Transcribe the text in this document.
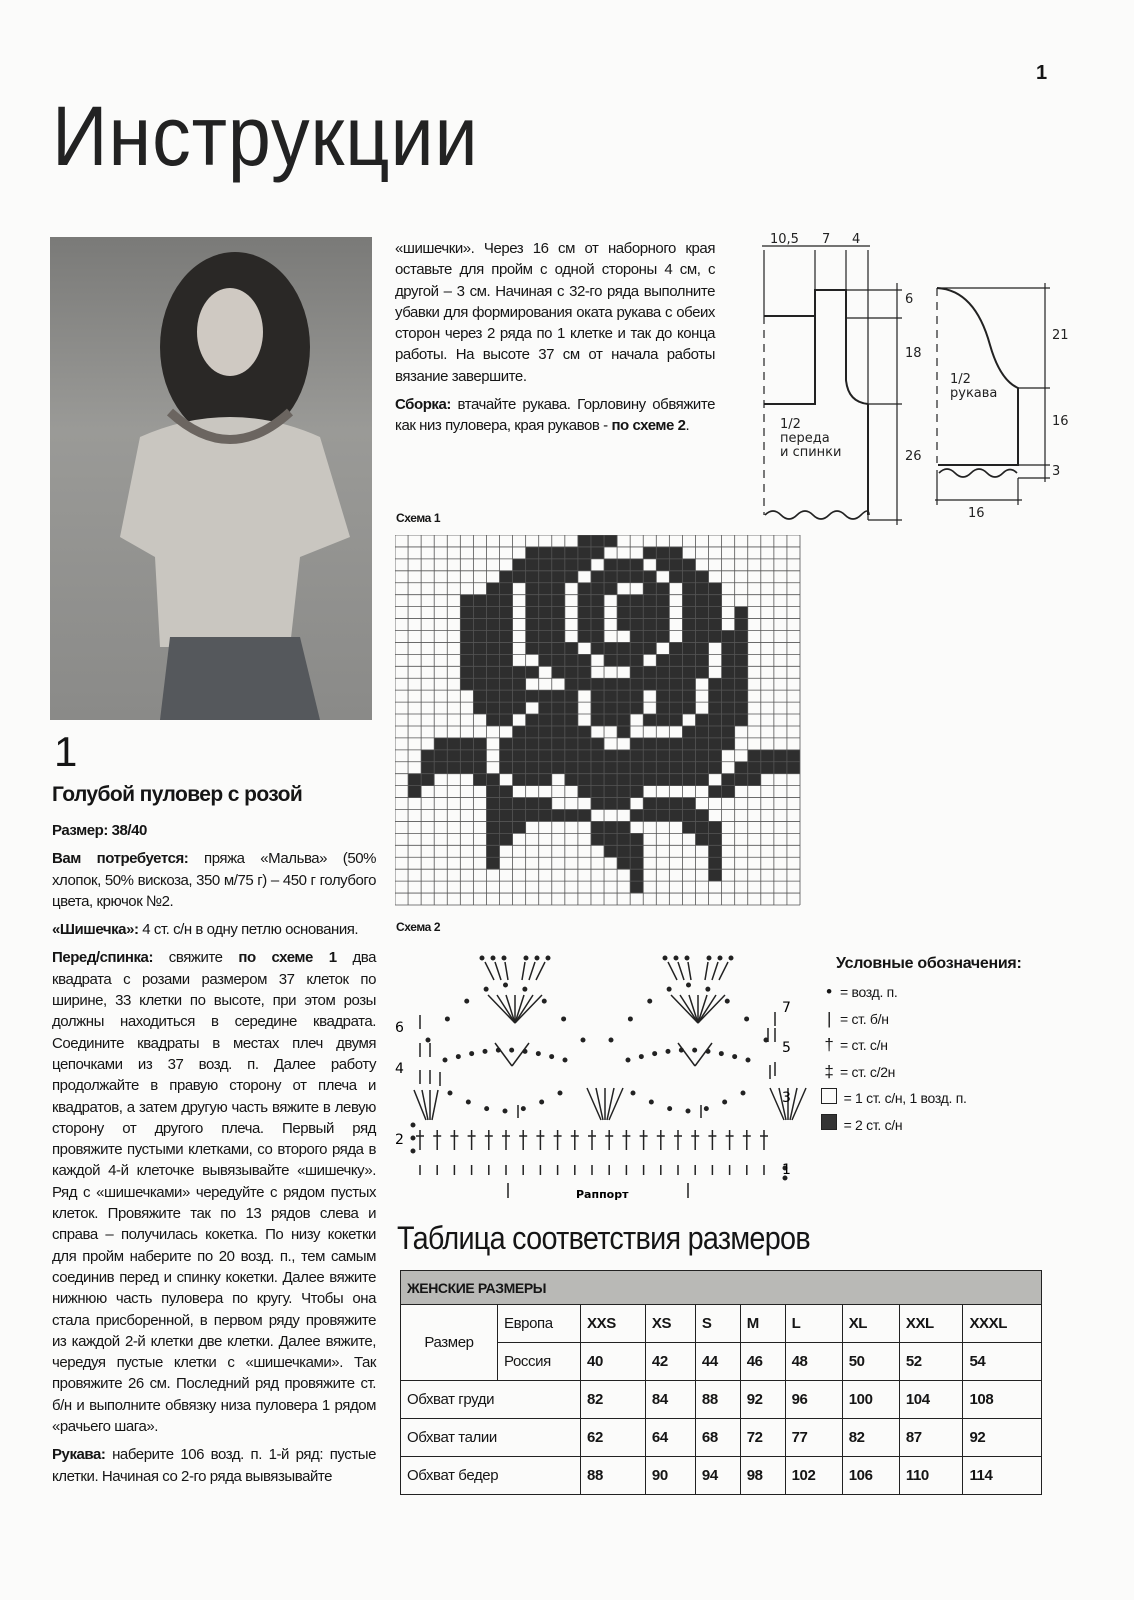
1
Инструкции
1
Голубой пуловер с розой

Размер: 38/40

Вам потребуется: пряжа «Мальва» (50% хлопок, 50% вискоза, 350 м/75 г) – 450 г голубого цвета, крючок №2.

«Шишечка»: 4 ст. с/н в одну петлю основания.

Перед/спинка: свяжите по схеме 1 два квадрата с розами размером 37 клеток по ширине, 33 клетки по высоте, при этом розы должны находиться в середине квадрата. Соедините квадраты в местах плеч двумя цепочками из 37 возд. п. Далее работу продолжайте в правую сторону от плеча и квадратов, а затем другую часть вяжите в левую сторону от другого плеча. Первый ряд провяжите пустыми клетками, со второго ряда в каждой 4-й клеточке вывязывайте «шишечку». Ряд с «шишечками» чередуйте с рядом пустых клеток. Провяжите так по 13 рядов слева и справа – получилась кокетка. По низу кокетки для пройм наберите по 20 возд. п., тем самым соединив перед и спинку кокетки. Далее вяжите нижнюю часть пуловера по кругу. Чтобы она стала присборенной, в первом ряду провяжите из каждой 2-й клетки две клетки. Далее вяжите, чередуя пустые клетки с «шишечками». Так провяжите 26 см. Последний ряд провяжите ст. б/н и выполните обвязку низа пуловера 1 рядом «рачьего шага».

Рукава: наберите 106 возд. п. 1-й ряд: пустые клетки. Начиная со 2-го ряда вывязывайте

«шишечки». Через 16 см от наборного края оставьте для пройм с одной стороны 4 см, с другой – 3 см. Начиная с 32-го ряда выполните убавки для формирования оката рукава с обеих сторон через 2 ряда по 1 клетке и так до конца работы. На высоте 37 см от начала работы вязание завершите.

Сборка: втачайте рукава. Горловину обвяжите как низ пуловера, края рукавов - по схеме 2.

10,5 7 4
6
18
26
1/2
переда
и спинки
21
16
3
16
1/2
рукава
Схема 1
Схема 2
6
4
2
7
5
3
1
Раппорт
Условные обозначения:
• = возд. п.
| = ст. б/н
† = ст. с/н
‡ = ст. с/2н

= 1 ст. с/н, 1 возд. п.

= 2 ст. с/н
Таблица соответствия размеров
ЖЕНСКИЕ РАЗМЕРЫ									
Размер	Европа	XXS	XS	S	M	L	XL	XXL	XXXL
	Россия	40	42	44	46	48	50	52	54
Обхват груди		82	84	88	92	96	100	104	108
Обхват талии		62	64	68	72	77	82	87	92
Обхват бедер		88	90	94	98	102	106	110	114
